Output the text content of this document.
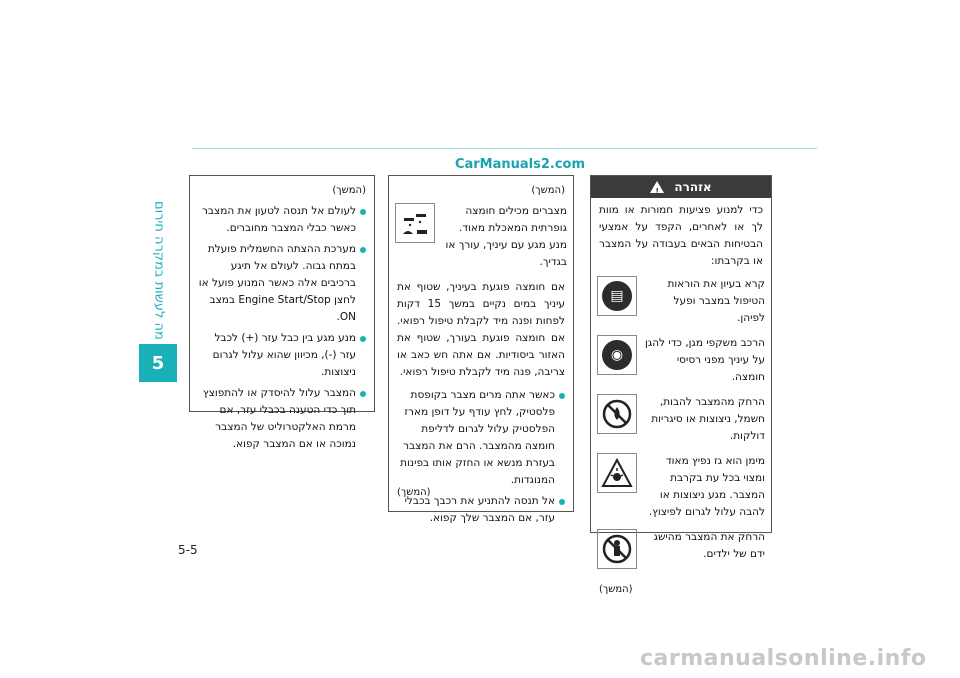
מה לעשות במקרה חירום
5
CarManuals2.com
אזהרה
!
כדי למנוע פציעות חמורות או מוות לך או לאחרים, הקפד על אמצעי הבטיחות הבאים בעבודה על המצבר או בקרבתו:
קרא בעיון את הוראות הטיפול במצבר ופעל לפיהן.
▤
הרכב משקפי מגן, כדי להגן על עיניך מפני רסיסי חומצה.
◉
הרחק מהמצבר להבות, חשמל, ניצוצות או סיגריות דולקות.
מימן הוא גז נפיץ מאוד ומצוי בכל עת בקרבת המצבר. מגע ניצוצות או להבה עלול לגרום לפיצוץ.
הרחק את המצבר מהישג ידם של ילדים.
(המשך)
(המשך)
מצברים מכילים חומצה גופרתית המאכלת מאוד. מנע מגע עם עיניך, עורך או בגדיך.
אם חומצה פוגעת בעיניך, שטוף את עיניך במים נקיים במשך 15 דקות לפחות ופנה מיד לקבלת טיפול רפואי. אם חומצה פוגעת בעורך, שטוף את האזור ביסודיות. אם אתה חש כאב או צריבה, פנה מיד לקבלת טיפול רפואי.
כאשר אתה מרים מצבר בקופסת פלסטיק, לחץ עודף על דופן מארז הפלסטיק עלול לגרום לדליפת חומצה מהמצבר. הרם את המצבר בעזרת מנשא או החזק אותו בפינות המנוגדות.
אל תנסה להתניע את רכבך בכבלי עזר, אם המצבר שלך קפוא.
(המשך)
(המשך)
לעולם אל תנסה לטעון את המצבר כאשר כבלי המצבר מחוברים.
מערכת ההצתה החשמלית פועלת במתח גבוה. לעולם אל תיגע ברכיבים אלה כאשר המנוע פועל או לחצן Engine Start/Stop במצב ON.
מנע מגע בין כבל עזר (+) לכבל עזר (-), מכיוון שהוא עלול לגרום ניצוצות.
המצבר עלול להיסדק או להתפוצץ תוך כדי הטענה בכבלי עזר, אם מרמת האלקטרוליט של המצבר נמוכה או אם המצבר קפוא.
5-5
carmanualsonline.info
